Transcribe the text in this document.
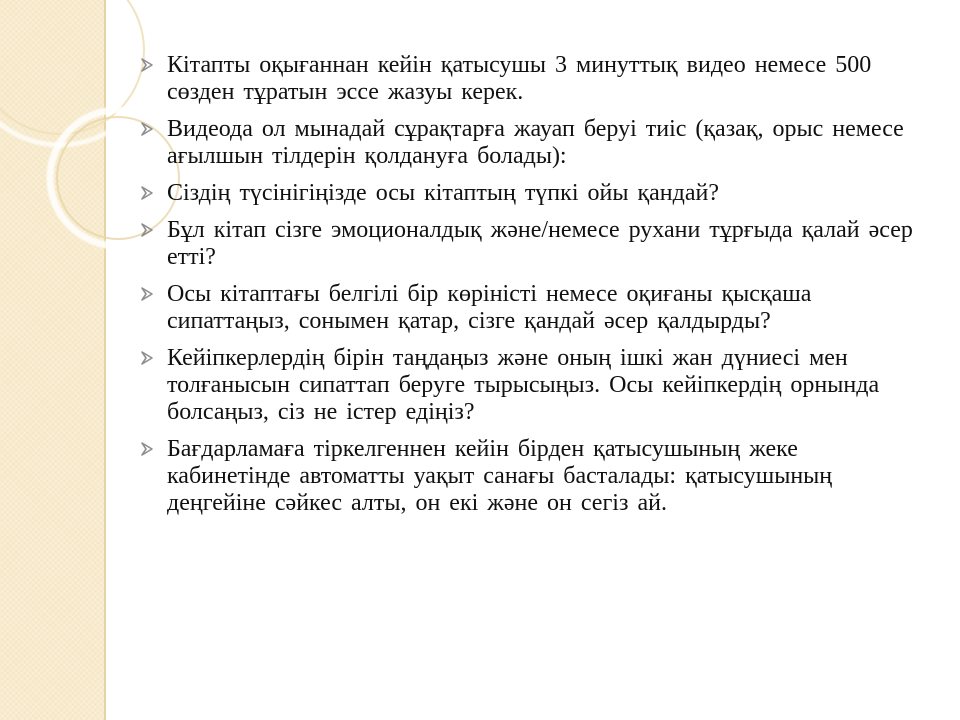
Кітапты оқығаннан кейін қатысушы 3 минуттық видео немесе 500 сөзден тұратын эссе жазуы керек.
Видеода ол мынадай сұрақтарға жауап беруі тиіс (қазақ, орыс немесе ағылшын тілдерін қолдануға болады):
Сіздің түсінігіңізде осы кітаптың түпкі ойы қандай?
Бұл кітап сізге эмоционалдық және/немесе рухани тұрғыда қалай әсер етті?
Осы кітаптағы белгілі бір көріністі немесе оқиғаны қысқаша сипаттаңыз, сонымен қатар, сізге қандай әсер қалдырды?
Кейіпкерлердің бірін таңдаңыз және оның ішкі жан дүниесі мен толғанысын сипаттап беруге тырысыңыз. Осы кейіпкердің орнында болсаңыз, сіз не істер едіңіз?
Бағдарламаға тіркелгеннен кейін бірден қатысушының жеке кабинетінде автоматты уақыт санағы басталады: қатысушының деңгейіне сәйкес алты, он екі және он сегіз ай.
